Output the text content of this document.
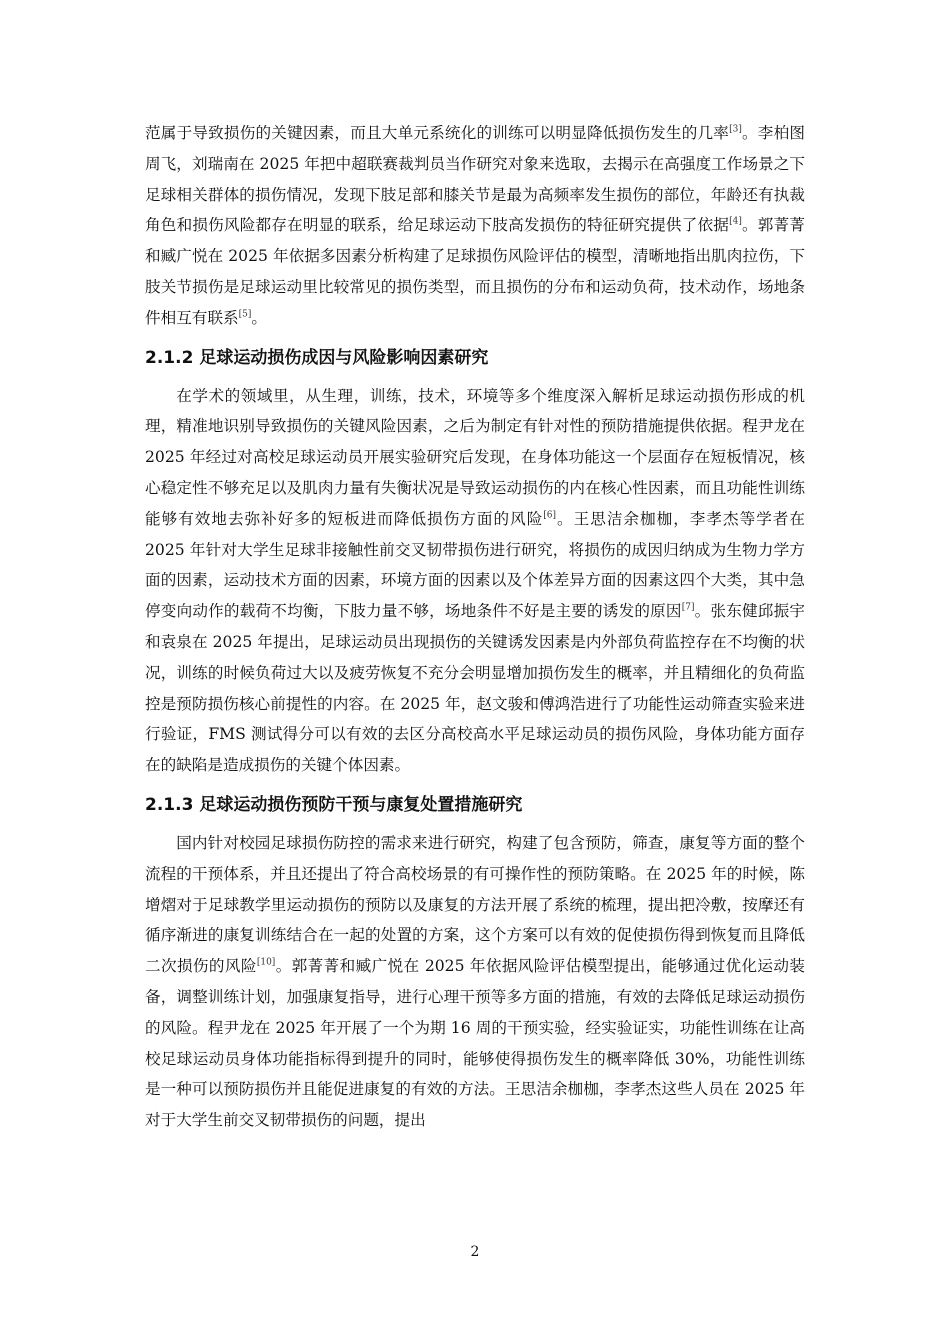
范属于导致损伤的关键因素，而且大单元系统化的训练可以明显降低损伤发生的几率[3]。李柏图周飞，刘瑞南在 2025 年把中超联赛裁判员当作研究对象来选取，去揭示在高强度工作场景之下足球相关群体的损伤情况，发现下肢足部和膝关节是最为高频率发生损伤的部位，年龄还有执裁角色和损伤风险都存在明显的联系，给足球运动下肢高发损伤的特征研究提供了依据[4]。郭菁菁和臧广悦在 2025 年依据多因素分析构建了足球损伤风险评估的模型，清晰地指出肌肉拉伤，下肢关节损伤是足球运动里比较常见的损伤类型，而且损伤的分布和运动负荷，技术动作，场地条件相互有联系[5]。

2.1.2 足球运动损伤成因与风险影响因素研究

在学术的领域里，从生理，训练，技术，环境等多个维度深入解析足球运动损伤形成的机理，精准地识别导致损伤的关键风险因素，之后为制定有针对性的预防措施提供依据。程尹龙在 2025 年经过对高校足球运动员开展实验研究后发现，在身体功能这一个层面存在短板情况，核心稳定性不够充足以及肌肉力量有失衡状况是导致运动损伤的内在核心性因素，而且功能性训练能够有效地去弥补好多的短板进而降低损伤方面的风险[6]。王思洁余枷枷，李孝杰等学者在 2025 年针对大学生足球非接触性前交叉韧带损伤进行研究，将损伤的成因归纳成为生物力学方面的因素，运动技术方面的因素，环境方面的因素以及个体差异方面的因素这四个大类，其中急停变向动作的载荷不均衡，下肢力量不够，场地条件不好是主要的诱发的原因[7]。张东健邱振宇和袁泉在 2025 年提出，足球运动员出现损伤的关键诱发因素是内外部负荷监控存在不均衡的状况，训练的时候负荷过大以及疲劳恢复不充分会明显增加损伤发生的概率，并且精细化的负荷监控是预防损伤核心前提性的内容。在 2025 年，赵文骏和傅鸿浩进行了功能性运动筛查实验来进行验证，FMS 测试得分可以有效的去区分高校高水平足球运动员的损伤风险，身体功能方面存在的缺陷是造成损伤的关键个体因素。

2.1.3 足球运动损伤预防干预与康复处置措施研究

国内针对校园足球损伤防控的需求来进行研究，构建了包含预防，筛查，康复等方面的整个流程的干预体系，并且还提出了符合高校场景的有可操作性的预防策略。在 2025 年的时候，陈增熠对于足球教学里运动损伤的预防以及康复的方法开展了系统的梳理，提出把冷敷，按摩还有循序渐进的康复训练结合在一起的处置的方案，这个方案可以有效的促使损伤得到恢复而且降低二次损伤的风险[10]。郭菁菁和臧广悦在 2025 年依据风险评估模型提出，能够通过优化运动装备，调整训练计划，加强康复指导，进行心理干预等多方面的措施，有效的去降低足球运动损伤的风险。程尹龙在 2025 年开展了一个为期 16 周的干预实验，经实验证实，功能性训练在让高校足球运动员身体功能指标得到提升的同时，能够使得损伤发生的概率降低 30%，功能性训练是一种可以预防损伤并且能促进康复的有效的方法。王思洁余枷枷，李孝杰这些人员在 2025 年对于大学生前交叉韧带损伤的问题，提出

2
